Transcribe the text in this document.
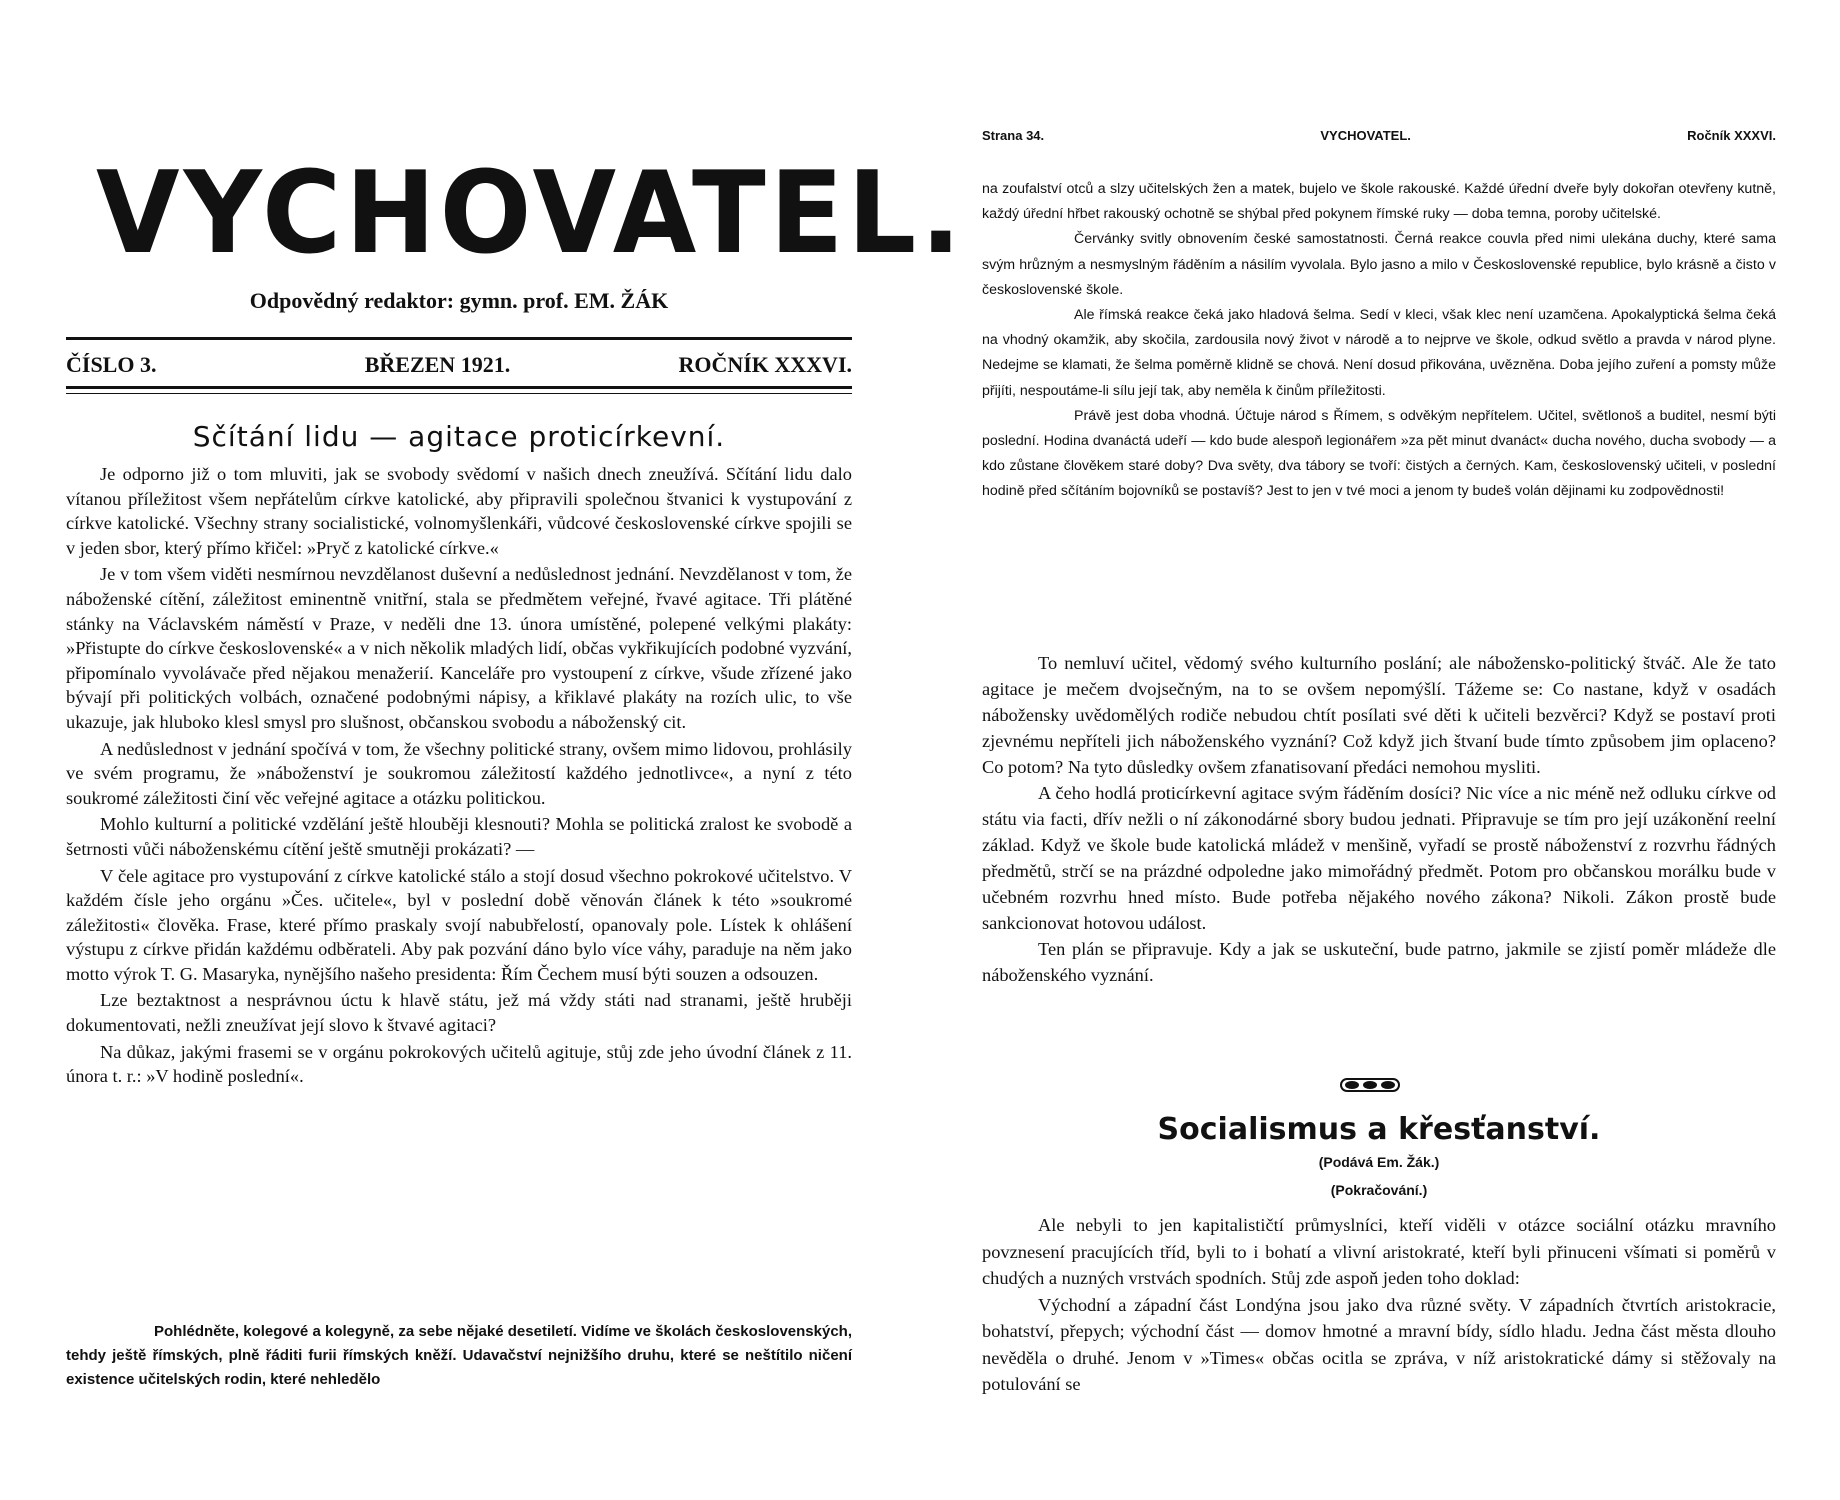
VYCHOVATEL.
Odpovědný redaktor: gymn. prof. EM. ŽÁK
ČÍSLO 3.	BŘEZEN 1921.	ROČNÍK XXXVI.
Sčítání lidu — agitace proticírkevní.

Je odporno již o tom mluviti, jak se svobody svědomí v našich dnech zneužívá. Sčítání lidu dalo vítanou příležitost všem nepřátelům církve katolické, aby připravili společnou štvanici k vystupování z církve katolické. Všechny strany socialistické, volnomyšlenkáři, vůdcové československé církve spojili se v jeden sbor, který přímo křičel: »Pryč z katolické církve.«

Je v tom všem viděti nesmírnou nevzdělanost duševní a nedůslednost jednání. Nevzdělanost v tom, že náboženské cítění, záležitost eminentně vnitřní, stala se předmětem veřejné, řvavé agitace. Tři plátěné stánky na Václavském náměstí v Praze, v neděli dne 13. února umístěné, polepené velkými plakáty: »Přistupte do církve československé« a v nich několik mladých lidí, občas vykřikujících podobné vyzvání, připomínalo vyvolávače před nějakou menažerií. Kanceláře pro vystoupení z církve, všude zřízené jako bývají při politických volbách, označené podobnými nápisy, a křiklavé plakáty na rozích ulic, to vše ukazuje, jak hluboko klesl smysl pro slušnost, občanskou svobodu a náboženský cit.

A nedůslednost v jednání spočívá v tom, že všechny politické strany, ovšem mimo lidovou, prohlásily ve svém programu, že »náboženství je soukromou záležitostí každého jednotlivce«, a nyní z této soukromé záležitosti činí věc veřejné agitace a otázku politickou.

Mohlo kulturní a politické vzdělání ještě hlouběji klesnouti? Mohla se politická zralost ke svobodě a šetrnosti vůči náboženskému cítění ještě smutněji prokázati? —

V čele agitace pro vystupování z církve katolické stálo a stojí dosud všechno pokrokové učitelstvo. V každém čísle jeho orgánu »Čes. učitele«, byl v poslední době věnován článek k této »soukromé záležitosti« člověka. Frase, které přímo praskaly svojí nabubřelostí, opanovaly pole. Lístek k ohlášení výstupu z církve přidán každému odběrateli. Aby pak pozvání dáno bylo více váhy, paraduje na něm jako motto výrok T. G. Masaryka, nynějšího našeho presidenta: Řím Čechem musí býti souzen a odsouzen.

Lze beztaktnost a nesprávnou úctu k hlavě státu, jež má vždy státi nad stranami, ještě hruběji dokumentovati, nežli zneužívat její slovo k štvavé agitaci?

Na důkaz, jakými frasemi se v orgánu pokrokových učitelů agituje, stůj zde jeho úvodní článek z 11. února t. r.: »V hodině poslední«.

Pohlédněte, kolegové a kolegyně, za sebe nějaké desetiletí. Vidíme ve školách československých, tehdy ještě římských, plně řáditi furii římských kněží. Udavačství nejnižšího druhu, které se neštítilo ničení existence učitelských rodin, které nehledělo

Strana 34.	VYCHOVATEL.	Ročník XXXVI.

na zoufalství otců a slzy učitelských žen a matek, bujelo ve škole rakouské. Každé úřední dveře byly dokořan otevřeny kutně, každý úřední hřbet rakouský ochotně se shýbal před pokynem římské ruky — doba temna, poroby učitelské.

Červánky svitly obnovením české samostatnosti. Černá reakce couvla před nimi ulekána duchy, které sama svým hrůzným a nesmyslným řáděním a násilím vyvolala. Bylo jasno a milo v Československé republice, bylo krásně a čisto v československé škole.

Ale římská reakce čeká jako hladová šelma. Sedí v kleci, však klec není uzamčena. Apokalyptická šelma čeká na vhodný okamžik, aby skočila, zardousila nový život v národě a to nejprve ve škole, odkud světlo a pravda v národ plyne. Nedejme se klamati, že šelma poměrně klidně se chová. Není dosud přikována, uvězněna. Doba jejího zuření a pomsty může přijíti, nespoutáme-li sílu její tak, aby neměla k činům příležitosti.

Právě jest doba vhodná. Účtuje národ s Římem, s odvěkým nepřítelem. Učitel, světlonoš a buditel, nesmí býti poslední. Hodina dvanáctá udeří — kdo bude alespoň legionářem »za pět minut dvanáct« ducha nového, ducha svobody — a kdo zůstane člověkem staré doby? Dva světy, dva tábory se tvoří: čistých a černých. Kam, československý učiteli, v poslední hodině před sčítáním bojovníků se postavíš? Jest to jen v tvé moci a jenom ty budeš volán dějinami ku zodpovědnosti!

To nemluví učitel, vědomý svého kulturního poslání; ale nábožensko-politický štváč. Ale že tato agitace je mečem dvojsečným, na to se ovšem nepomýšlí. Tážeme se: Co nastane, když v osadách nábožensky uvědomělých rodiče nebudou chtít posílati své děti k učiteli bezvěrci? Když se postaví proti zjevnému nepříteli jich náboženského vyznání? Což když jich štvaní bude tímto způsobem jim oplaceno? Co potom? Na tyto důsledky ovšem zfanatisovaní předáci nemohou mysliti.

A čeho hodlá proticírkevní agitace svým řáděním dosíci? Nic více a nic méně než odluku církve od státu via facti, dřív nežli o ní zákonodárné sbory budou jednati. Připravuje se tím pro její uzákonění reelní základ. Když ve škole bude katolická mládež v menšině, vyřadí se prostě náboženství z rozvrhu řádných předmětů, strčí se na prázdné odpoledne jako mimořádný předmět. Potom pro občanskou morálku bude v učebném rozvrhu hned místo. Bude potřeba nějakého nového zákona? Nikoli. Zákon prostě bude sankcionovat hotovou událost.

Ten plán se připravuje. Kdy a jak se uskuteční, bude patrno, jakmile se zjistí poměr mládeže dle náboženského vyznání.

Socialismus a křesťanství.
(Podává Em. Žák.)
(Pokračování.)

Ale nebyli to jen kapitalističtí průmyslníci, kteří viděli v otázce sociální otázku mravního povznesení pracujících tříd, byli to i bohatí a vlivní aristokraté, kteří byli přinuceni všímati si poměrů v chudých a nuzných vrstvách spodních. Stůj zde aspoň jeden toho doklad:

Východní a západní část Londýna jsou jako dva různé světy. V západních čtvrtích aristokracie, bohatství, přepych; východní část — domov hmotné a mravní bídy, sídlo hladu. Jedna část města dlouho nevěděla o druhé. Jenom v »Times« občas ocitla se zpráva, v níž aristokratické dámy si stěžovaly na potulování se
